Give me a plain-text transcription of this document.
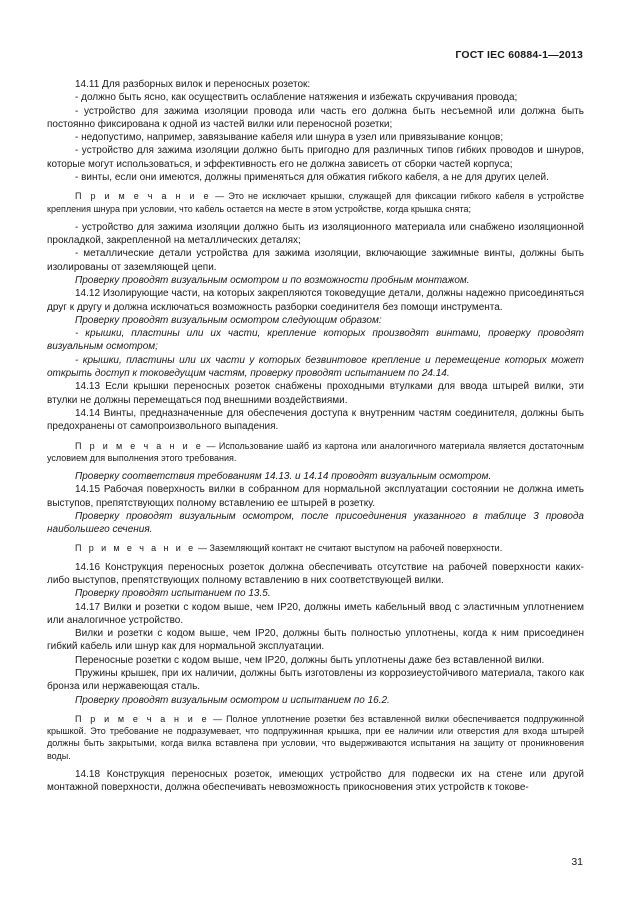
ГОСТ IEC 60884-1—2013

14.11 Для разборных вилок и переносных розеток:

- должно быть ясно, как осуществить ослабление натяжения и избежать скручивания провода;

- устройство для зажима изоляции провода или часть его должна быть несъемной или должна быть постоянно фиксирована к одной из частей вилки или переносной розетки;

- недопустимо, например, завязывание кабеля или шнура в узел или привязывание концов;

- устройство для зажима изоляции должно быть пригодно для различных типов гибких проводов и шнуров, которые могут использоваться, и эффективность его не должна зависеть от сборки частей корпуса;

- винты, если они имеются, должны применяться для обжатия гибкого кабеля, а не для других целей.

П р и м е ч а н и е — Это не исключает крышки, служащей для фиксации гибкого кабеля в устройстве крепления шнура при условии, что кабель остается на месте в этом устройстве, когда крышка снята;

- устройство для зажима изоляции должно быть из изоляционного материала или снабжено изоляционной прокладкой, закрепленной на металлических деталях;

- металлические детали устройства для зажима изоляции, включающие зажимные винты, должны быть изолированы от заземляющей цепи.

Проверку проводят визуальным осмотром и по возможности пробным монтажом.

14.12 Изолирующие части, на которых закрепляются токоведущие детали, должны надежно присоединяться друг к другу и должна исключаться возможность разборки соединителя без помощи инструмента.

Проверку проводят визуальным осмотром следующим образом:

- крышки, пластины или их части, крепление которых производят винтами, проверку проводят визуальным осмотром;

- крышки, пластины или их части у которых безвинтовое крепление и перемещение которых может открыть доступ к токоведущим частям, проверку проводят испытанием по 24.14.

14.13 Если крышки переносных розеток снабжены проходными втулками для ввода штырей вилки, эти втулки не должны перемещаться под внешними воздействиями.

14.14 Винты, предназначенные для обеспечения доступа к внутренним частям соединителя, должны быть предохранены от самопроизвольного выпадения.

П р и м е ч а н и е — Использование шайб из картона или аналогичного материала является достаточным условием для выполнения этого требования.

Проверку соответствия требованиям 14.13. и 14.14 проводят визуальным осмотром.

14.15 Рабочая поверхность вилки в собранном для нормальной эксплуатации состоянии не должна иметь выступов, препятствующих полному вставлению ее штырей в розетку.

Проверку проводят визуальным осмотром, после присоединения указанного в таблице 3 провода наибольшего сечения.

П р и м е ч а н и е — Заземляющий контакт не считают выступом на рабочей поверхности.

14.16 Конструкция переносных розеток должна обеспечивать отсутствие на рабочей поверхности каких-либо выступов, препятствующих полному вставлению в них соответствующей вилки.

Проверку проводят испытанием по 13.5.

14.17 Вилки и розетки с кодом выше, чем IP20, должны иметь кабельный ввод с эластичным уплотнением или аналогичное устройство.

Вилки и розетки с кодом выше, чем IP20, должны быть полностью уплотнены, когда к ним присоединен гибкий кабель или шнур как для нормальной эксплуатации.

Переносные розетки с кодом выше, чем IP20, должны быть уплотнены даже без вставленной вилки.

Пружины крышек, при их наличии, должны быть изготовлены из коррозиеустойчивого материала, такого как бронза или нержавеющая сталь.

Проверку проводят визуальным осмотром и испытанием по 16.2.

П р и м е ч а н и е — Полное уплотнение розетки без вставленной вилки обеспечивается подпружинной крышкой. Это требование не подразумевает, что подпружинная крышка, при ее наличии или отверстия для входа штырей должны быть закрытыми, когда вилка вставлена при условии, что выдерживаются испытания на защиту от проникновения воды.

14.18 Конструкция переносных розеток, имеющих устройство для подвески их на стене или другой монтажной поверхности, должна обеспечивать невозможность прикосновения этих устройств к токове-

31
